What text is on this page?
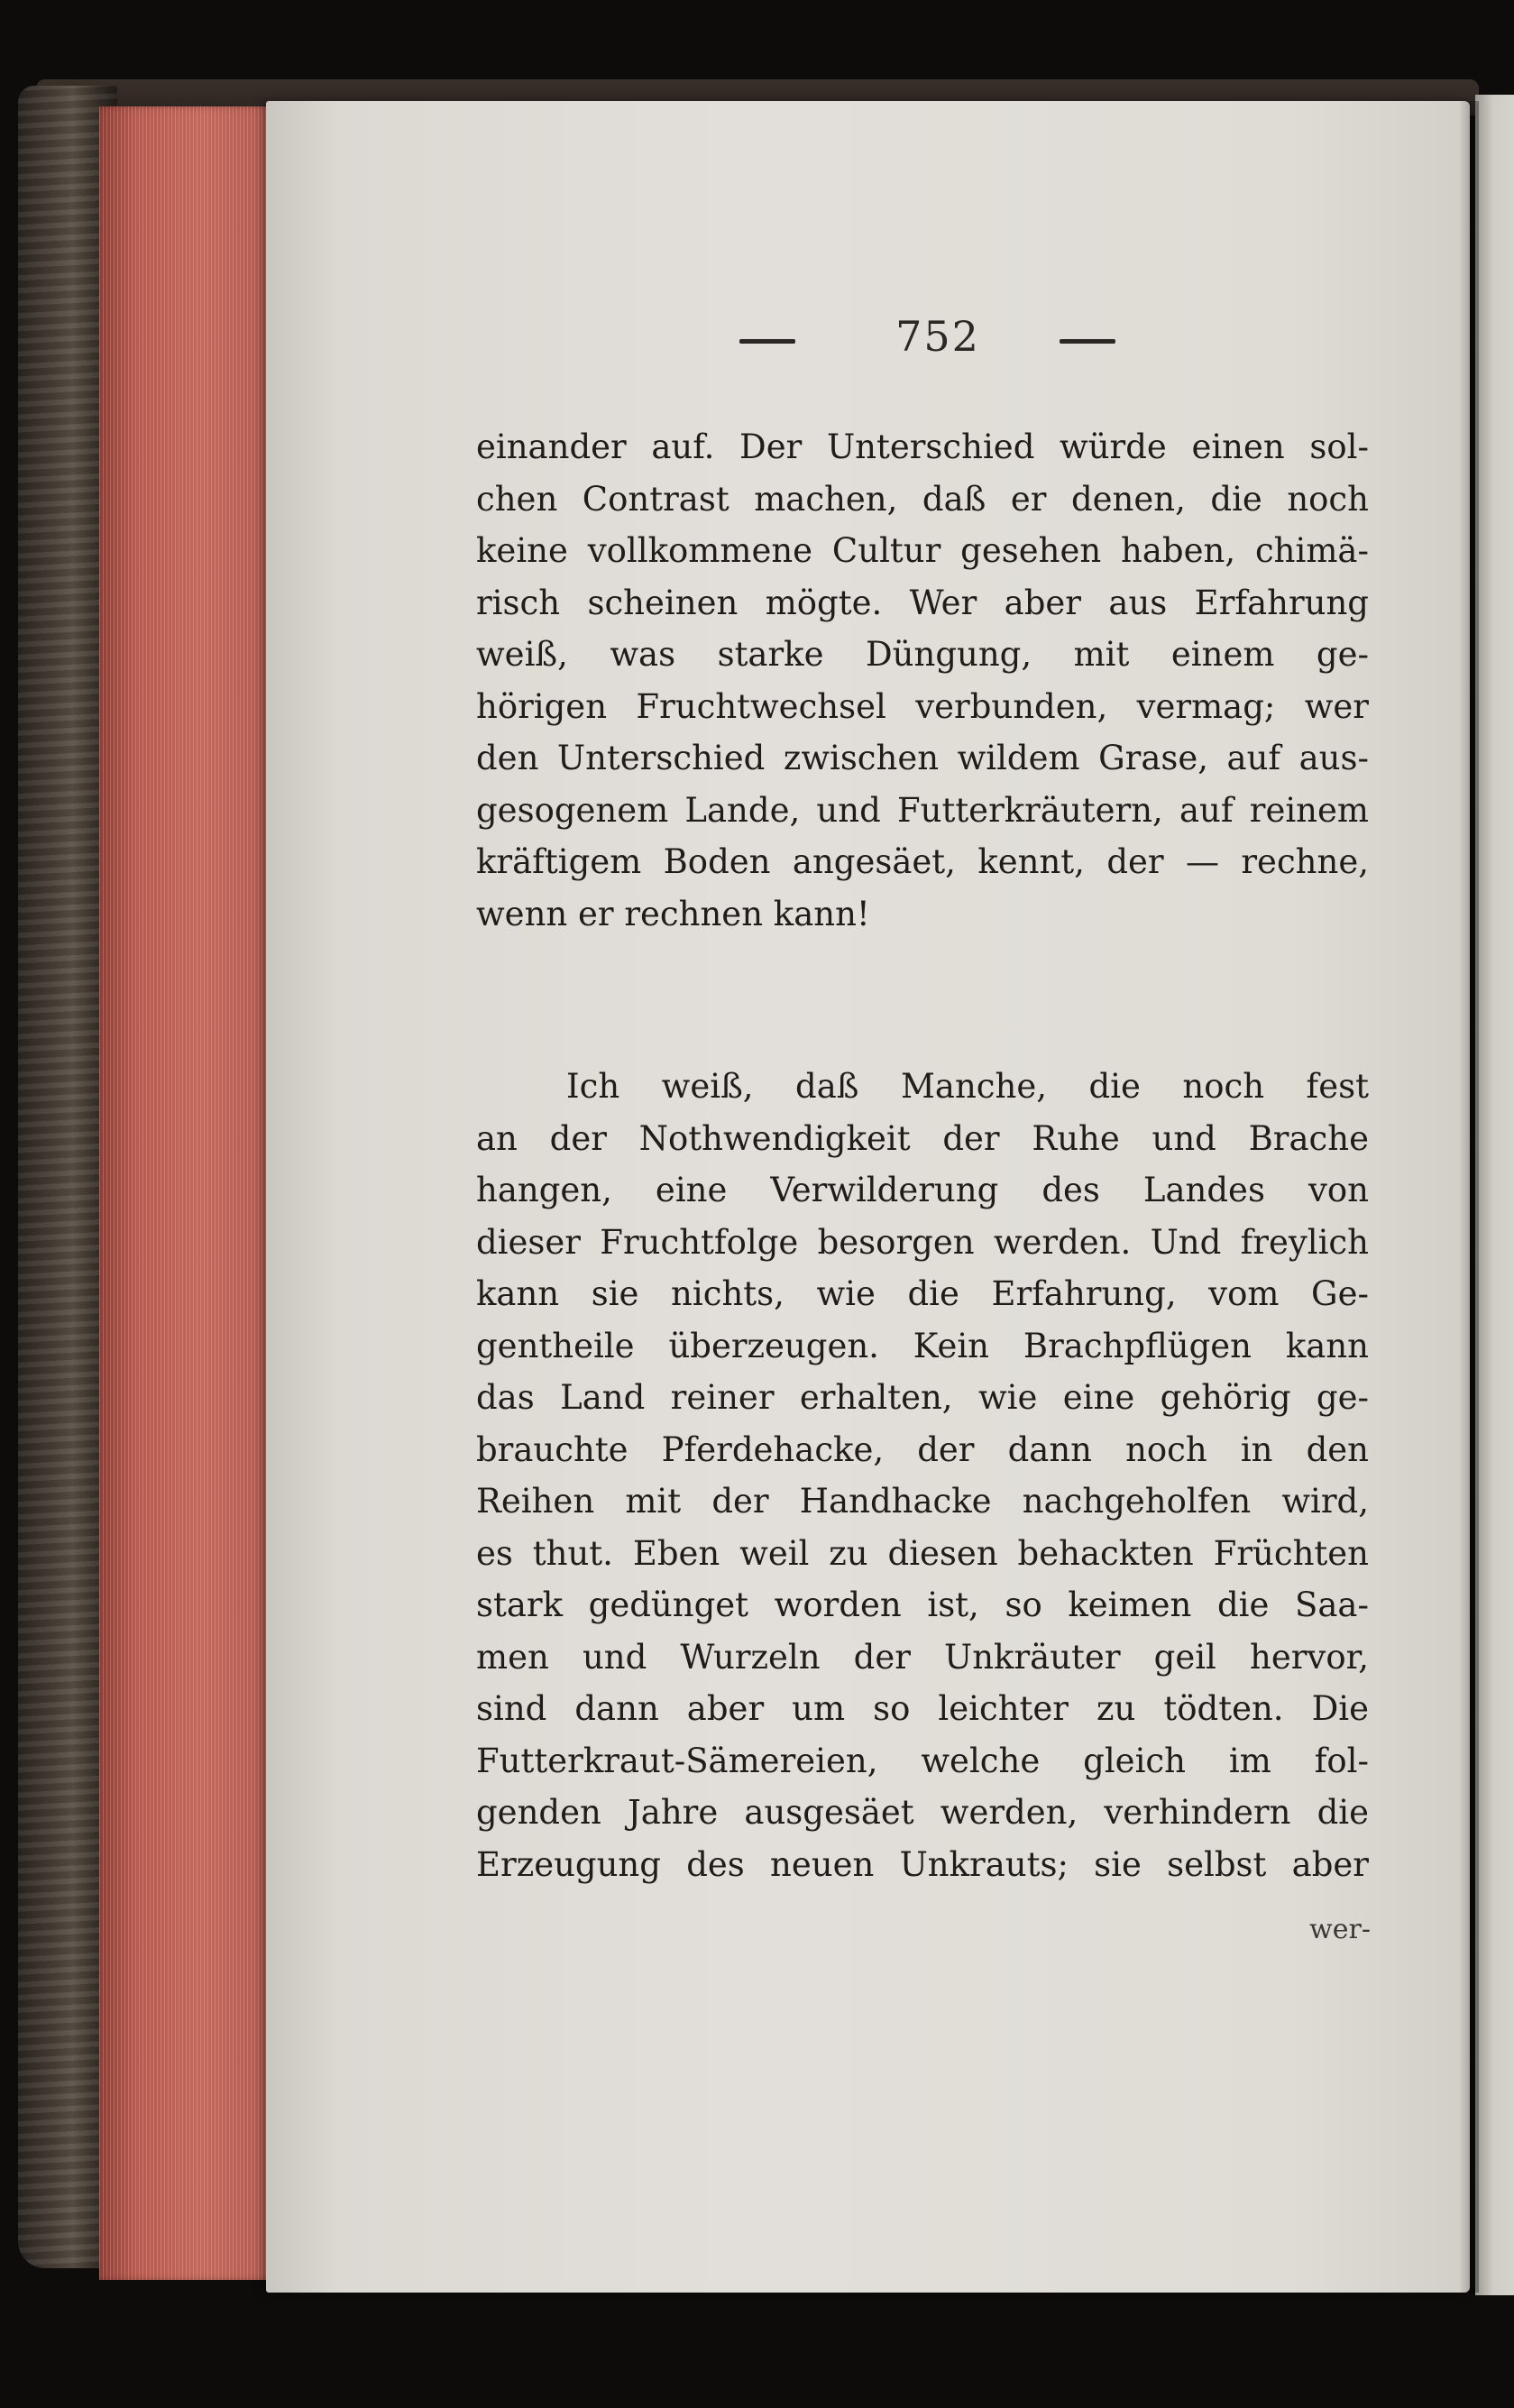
752
einander auf. Der Unterschied würde einen sol-
chen Contrast machen, daß er denen, die noch
keine vollkommene Cultur gesehen haben, chimä-
risch scheinen mögte. Wer aber aus Erfahrung
weiß, was starke Düngung, mit einem ge-
hörigen Fruchtwechsel verbunden, vermag; wer
den Unterschied zwischen wildem Grase, auf aus-
gesogenem Lande, und Futterkräutern, auf reinem
kräftigem Boden angesäet, kennt, der — rechne,
wenn er rechnen kann!
Ich weiß, daß Manche, die noch fest
an der Nothwendigkeit der Ruhe und Brache
hangen, eine Verwilderung des Landes von
dieser Fruchtfolge besorgen werden. Und freylich
kann sie nichts, wie die Erfahrung, vom Ge-
gentheile überzeugen. Kein Brachpflügen kann
das Land reiner erhalten, wie eine gehörig ge-
brauchte Pferdehacke, der dann noch in den
Reihen mit der Handhacke nachgeholfen wird,
es thut. Eben weil zu diesen behackten Früchten
stark gedünget worden ist, so keimen die Saa-
men und Wurzeln der Unkräuter geil hervor,
sind dann aber um so leichter zu tödten. Die
Futterkraut-Sämereien, welche gleich im fol-
genden Jahre ausgesäet werden, verhindern die
Erzeugung des neuen Unkrauts; sie selbst aber
wer-
